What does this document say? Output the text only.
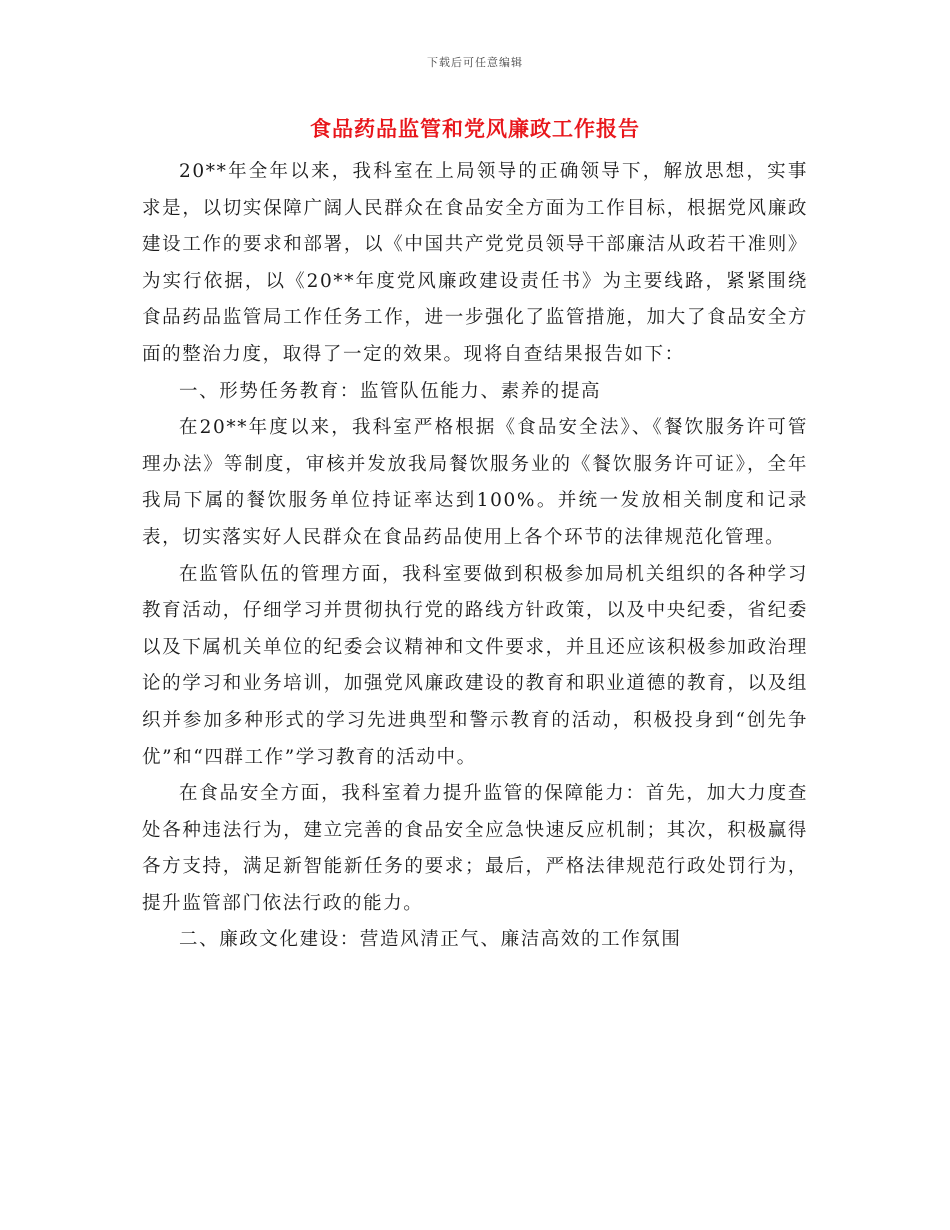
下载后可任意编辑
食品药品监管和党风廉政工作报告

20**年全年以来，我科室在上局领导的正确领导下，解放思想，实事求是，以切实保障广阔人民群众在食品安全方面为工作目标，根据党风廉政建设工作的要求和部署，以《中国共产党党员领导干部廉洁从政若干准则》为实行依据，以《20**年度党风廉政建设责任书》为主要线路，紧紧围绕食品药品监管局工作任务工作，进一步强化了监管措施，加大了食品安全方面的整治力度，取得了一定的效果。现将自查结果报告如下：

一、形势任务教育：监管队伍能力、素养的提高

在20**年度以来，我科室严格根据《食品安全法》、《餐饮服务许可管理办法》等制度，审核并发放我局餐饮服务业的《餐饮服务许可证》，全年我局下属的餐饮服务单位持证率达到100%。并统一发放相关制度和记录表，切实落实好人民群众在食品药品使用上各个环节的法律规范化管理。

在监管队伍的管理方面，我科室要做到积极参加局机关组织的各种学习教育活动，仔细学习并贯彻执行党的路线方针政策，以及中央纪委，省纪委以及下属机关单位的纪委会议精神和文件要求，并且还应该积极参加政治理论的学习和业务培训，加强党风廉政建设的教育和职业道德的教育，以及组织并参加多种形式的学习先进典型和警示教育的活动，积极投身到“创先争优”和“四群工作”学习教育的活动中。

在食品安全方面，我科室着力提升监管的保障能力：首先，加大力度查处各种违法行为，建立完善的食品安全应急快速反应机制；其次，积极赢得各方支持，满足新智能新任务的要求；最后，严格法律规范行政处罚行为，提升监管部门依法行政的能力。

二、廉政文化建设：营造风清正气、廉洁高效的工作氛围
